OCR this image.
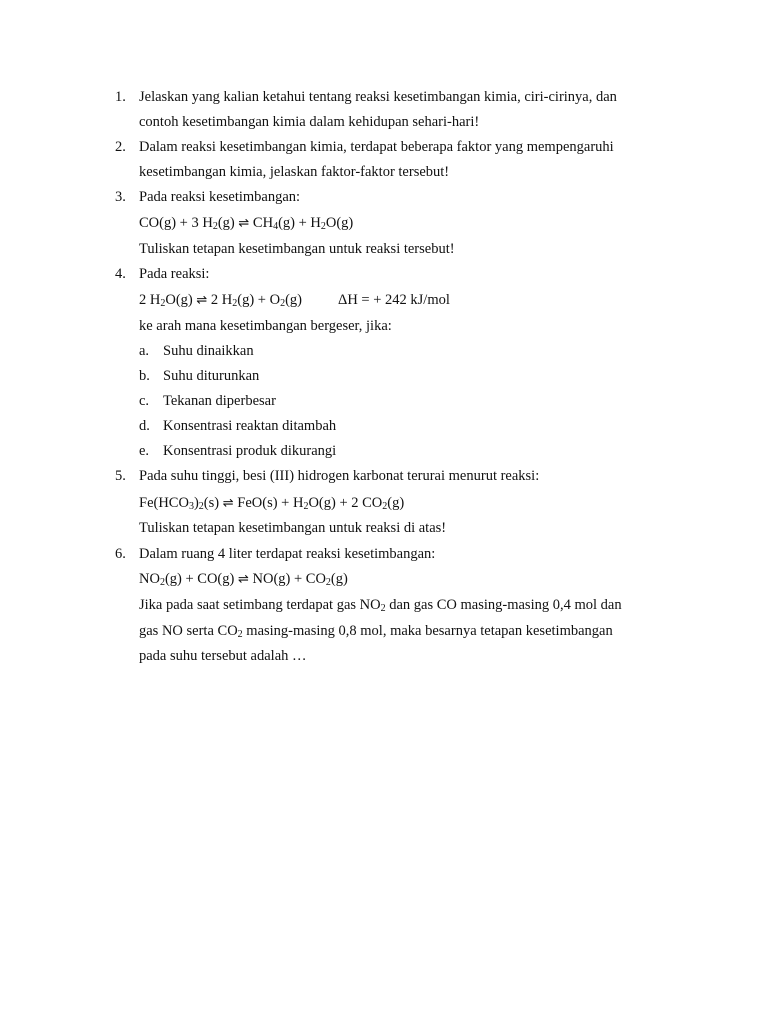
1. Jelaskan yang kalian ketahui tentang reaksi kesetimbangan kimia, ciri-cirinya, dan
contoh kesetimbangan kimia dalam kehidupan sehari-hari!
2. Dalam reaksi kesetimbangan kimia, terdapat beberapa faktor yang mempengaruhi
kesetimbangan kimia, jelaskan faktor-faktor tersebut!
3. Pada reaksi kesetimbangan:
CO(g) + 3 $H_2(g)$ ⇌ $CH_4(g) + H_2O(g)$
Tuliskan tetapan kesetimbangan untuk reaksi tersebut!
4. Pada reaksi:
2 $H_2O(g)$ ⇌ 2 $H_2(g) + O_2(g) \Delta H$ = + 242 kJ/mol
ke arah mana kesetimbangan bergeser, jika:
a. Suhu dinaikkan
b. Suhu diturunkan
c. Tekanan diperbesar
d. Konsentrasi reaktan ditambah
e. Konsentrasi produk dikurangi
5. Pada suhu tinggi, besi (III) hidrogen karbonat terurai menurut reaksi:
$Fe(HCO_3)_2(s)$ ⇌ $FeO(s) + H_2O(g) + 2$ $CO_2(g)$
Tuliskan tetapan kesetimbangan untuk reaksi di atas!
6. Dalam ruang 4 liter terdapat reaksi kesetimbangan:
$NO_2(g) + CO(g)$ ⇌ $NO(g) + CO_2(g)$
Jika pada saat setimbang terdapat gas $NO_2$ dan gas CO masing-masing 0,4 mol dan
gas NO serta $CO_2$ masing-masing 0,8 mol, maka besarnya tetapan kesetimbangan
pada suhu tersebut adalah …
